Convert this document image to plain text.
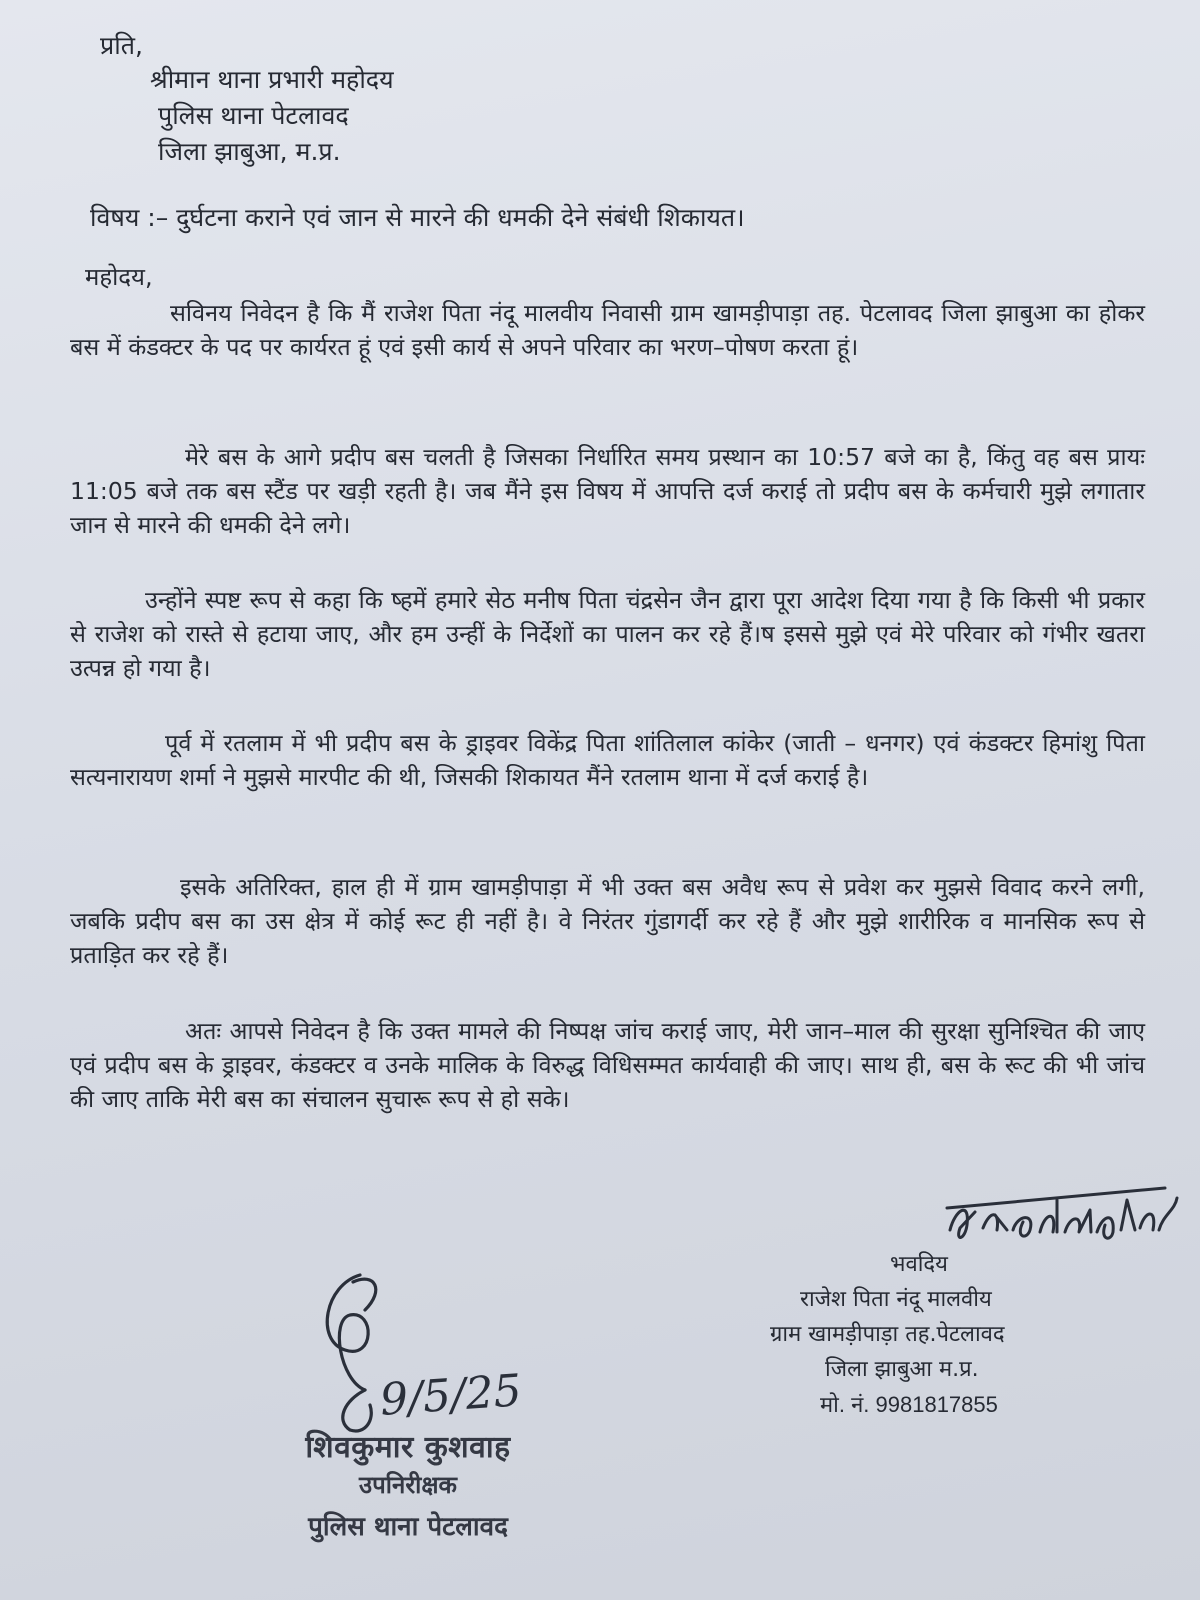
प्रति,
श्रीमान थाना प्रभारी महोदय
पुलिस थाना पेटलावद
जिला झाबुआ, म.प्र.
विषय :– दुर्घटना कराने एवं जान से मारने की धमकी देने संबंधी शिकायत।
महोदय,

सविनय निवेदन है कि मैं राजेश पिता नंदू मालवीय निवासी ग्राम खामड़ीपाड़ा तह. पेटलावद जिला झाबुआ का होकर बस में कंडक्टर के पद पर कार्यरत हूं एवं इसी कार्य से अपने परिवार का भरण–पोषण करता हूं।

मेरे बस के आगे प्रदीप बस चलती है जिसका निर्धारित समय प्रस्थान का 10:57 बजे का है, किंतु वह बस प्रायः 11:05 बजे तक बस स्टैंड पर खड़ी रहती है। जब मैंने इस विषय में आपत्ति दर्ज कराई तो प्रदीप बस के कर्मचारी मुझे लगातार जान से मारने की धमकी देने लगे।

उन्होंने स्पष्ट रूप से कहा कि ष्हमें हमारे सेठ मनीष पिता चंद्रसेन जैन द्वारा पूरा आदेश दिया गया है कि किसी भी प्रकार से राजेश को रास्ते से हटाया जाए, और हम उन्हीं के निर्देशों का पालन कर रहे हैं।ष इससे मुझे एवं मेरे परिवार को गंभीर खतरा उत्पन्न हो गया है।

पूर्व में रतलाम में भी प्रदीप बस के ड्राइवर विकेंद्र पिता शांतिलाल कांकेर (जाती – धनगर) एवं कंडक्टर हिमांशु पिता सत्यनारायण शर्मा ने मुझसे मारपीट की थी, जिसकी शिकायत मैंने रतलाम थाना में दर्ज कराई है।

इसके अतिरिक्त, हाल ही में ग्राम खामड़ीपाड़ा में भी उक्त बस अवैध रूप से प्रवेश कर मुझसे विवाद करने लगी, जबकि प्रदीप बस का उस क्षेत्र में कोई रूट ही नहीं है। वे निरंतर गुंडागर्दी कर रहे हैं और मुझे शारीरिक व मानसिक रूप से प्रताड़ित कर रहे हैं।

अतः आपसे निवेदन है कि उक्त मामले की निष्पक्ष जांच कराई जाए, मेरी जान–माल की सुरक्षा सुनिश्चित की जाए एवं प्रदीप बस के ड्राइवर, कंडक्टर व उनके मालिक के विरुद्ध विधिसम्मत कार्यवाही की जाए। साथ ही, बस के रूट की भी जांच की जाए ताकि मेरी बस का संचालन सुचारू रूप से हो सके।

भवदिय
राजेश पिता नंदू मालवीय
ग्राम खामड़ीपाड़ा तह.पेटलावद
जिला झाबुआ म.प्र.
मो. नं. 9981817855
9/5/25
शिवकुमार कुशवाह
उपनिरीक्षक
पुलिस थाना पेटलावद
